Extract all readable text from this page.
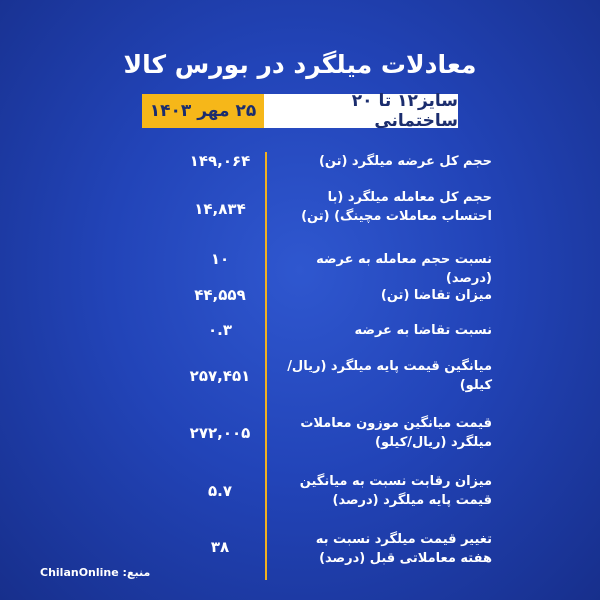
معادلات میلگرد در بورس کالا
۲۵ مهر ۱۴۰۳	سایز۱۲ تا ۲۰ ساختمانی
حجم کل عرضه میلگرد (تن)
۱۴۹,۰۶۴
حجم کل معامله میلگرد (با احتساب معاملات مچینگ) (تن)
۱۴,۸۳۴
نسبت حجم معامله به عرضه (درصد)
۱۰
میزان تقاضا (تن)
۴۴,۵۵۹
نسبت تقاضا به عرضه
۰.۳
میانگین قیمت پایه میلگرد (ریال/کیلو)
۲۵۷,۴۵۱
قیمت میانگین موزون معاملات میلگرد (ریال/کیلو)
۲۷۲,۰۰۵
میزان رقابت نسبت به میانگین قیمت پایه میلگرد (درصد)
۵.۷
تغییر قیمت میلگرد نسبت به هفته معاملاتی قبل (درصد)
۳۸
منبع: ChilanOnline
